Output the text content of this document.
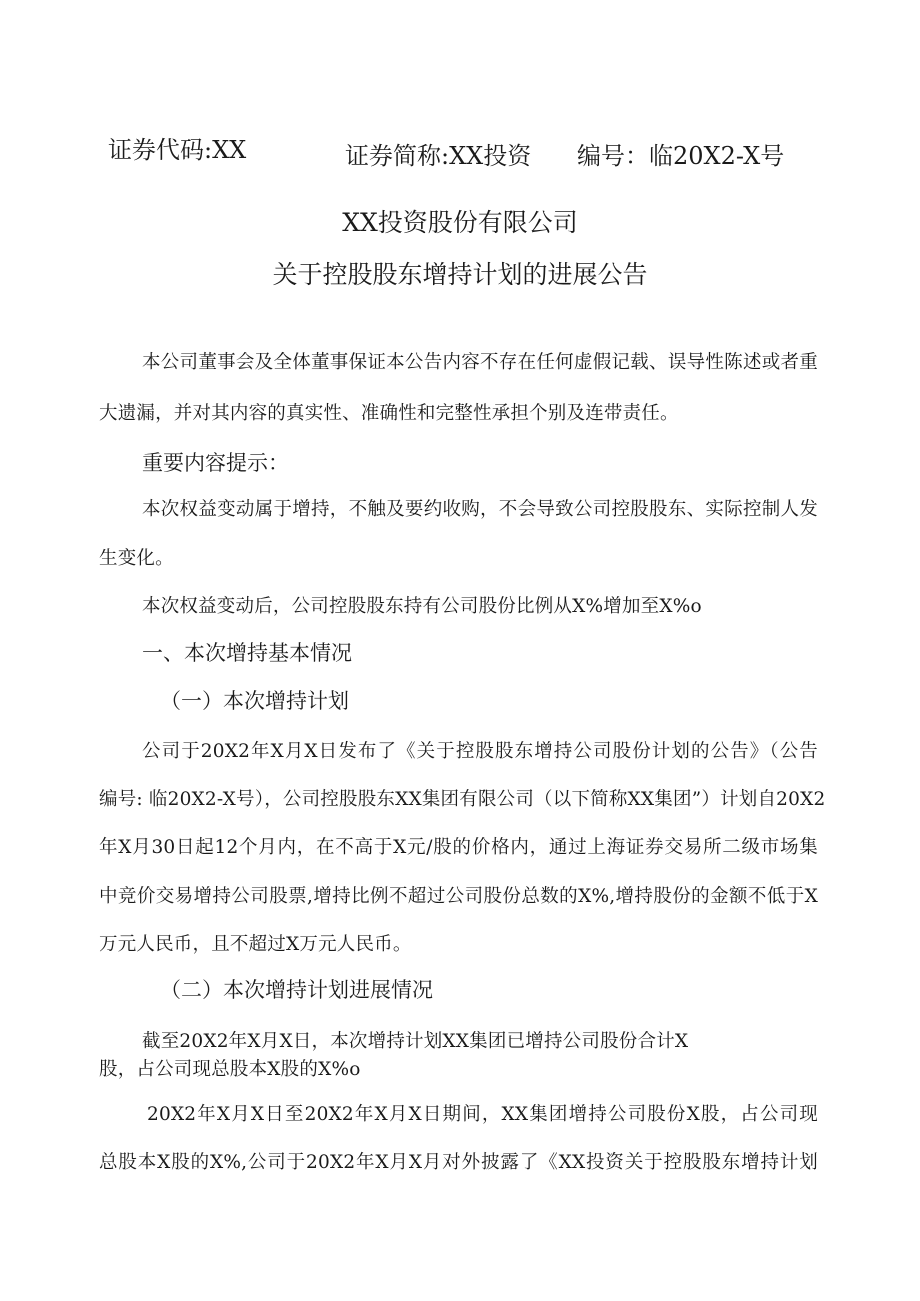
证券代码:XX	证券简称:XX投资 编号：临20X2-X号
XX投资股份有限公司
关于控股股东增持计划的进展公告
本公司董事会及全体董事保证本公告内容不存在任何虚假记载、误导性陈述或者重
大遗漏，并对其内容的真实性、准确性和完整性承担个别及连带责任。
重要内容提示：
本次权益变动属于增持，不触及要约收购，不会导致公司控股股东、实际控制人发
生变化。
本次权益变动后，公司控股股东持有公司股份比例从X%增加至X%o
一、本次增持基本情况
（一）本次增持计划
公司于20X2年X月X日发布了《关于控股股东增持公司股份计划的公告》（公告
编号: 临20X2-X号），公司控股股东XX集团有限公司（以下简称XX集团”）计划自20X2
年X月30日起12个月内，在不高于X元/股的价格内，通过上海证券交易所二级市场集
中竞价交易增持公司股票,增持比例不超过公司股份总数的X%,增持股份的金额不低于X
万元人民币，且不超过X万元人民币。
（二）本次增持计划进展情况
截至20X2年X月X日，本次增持计划XX集团已增持公司股份合计X
股，占公司现总股本X股的X%o
20X2年X月X日至20X2年X月X日期间，XX集团增持公司股份X股，占公司现
总股本X股的X%,公司于20X2年X月X月对外披露了《XX投资关于控股股东增持计划
